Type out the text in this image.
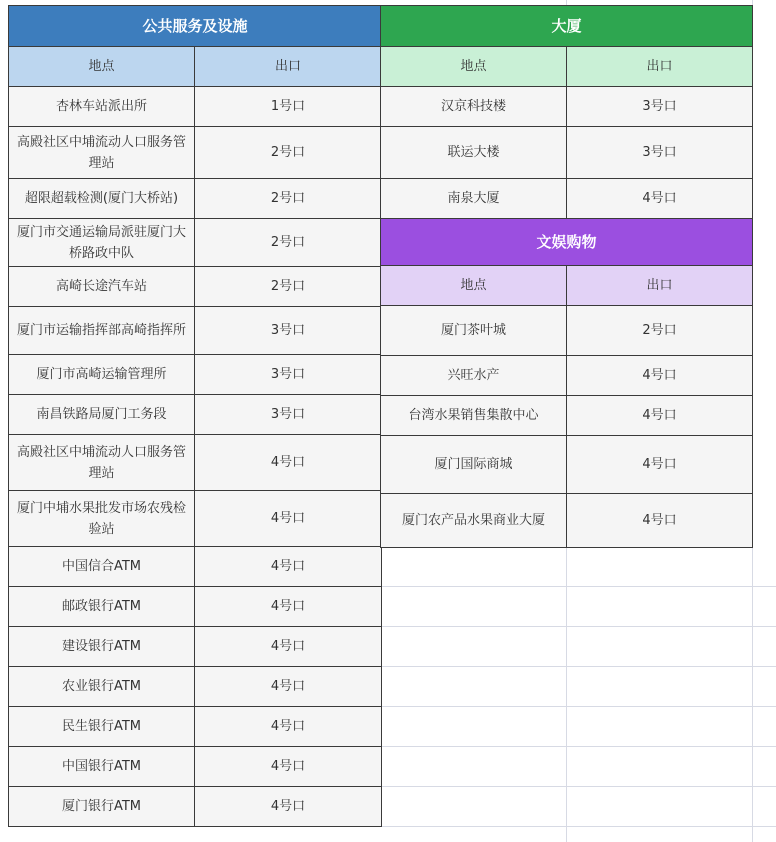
公共服务及设施	
地点	出口
杏林车站派出所	1号口
高殿社区中埔流动人口服务管理站	2号口
超限超载检测(厦门大桥站)	2号口
厦门市交通运输局派驻厦门大桥路政中队	2号口
高崎长途汽车站	2号口
厦门市运输指挥部高崎指挥所	3号口
厦门市高崎运输管理所	3号口
南昌铁路局厦门工务段	3号口
高殿社区中埔流动人口服务管理站	4号口
厦门中埔水果批发市场农残检验站	4号口
中国信合ATM	4号口
邮政银行ATM	4号口
建设银行ATM	4号口
农业银行ATM	4号口
民生银行ATM	4号口
中国银行ATM	4号口
厦门银行ATM	4号口
大厦	
地点	出口
汉京科技楼	3号口
联运大楼	3号口
南泉大厦	4号口
文娱购物	
地点	出口
厦门茶叶城	2号口
兴旺水产	4号口
台湾水果销售集散中心	4号口
厦门国际商城	4号口
厦门农产品水果商业大厦	4号口
